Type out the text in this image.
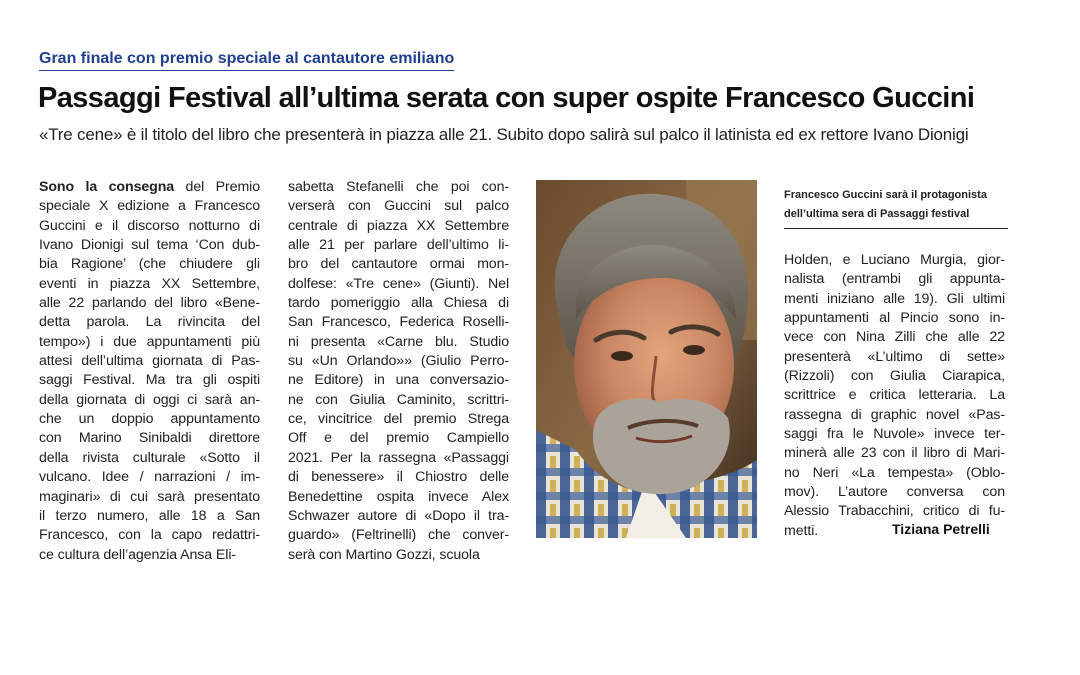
Gran finale con premio speciale al cantautore emiliano
Passaggi Festival all’ultima serata con super ospite Francesco Guccini
«Tre cene» è il titolo del libro che presenterà in piazza alle 21. Subito dopo salirà sul palco il latinista ed ex rettore Ivano Dionigi
Sono la consegna del Premio
speciale X edizione a Francesco
Guccini e il discorso notturno di
Ivano Dionigi sul tema ‘Con dub-
bia Ragione’ (che chiudere gli
eventi in piazza XX Settembre,
alle 22 parlando del libro «Bene-
detta parola. La rivincita del
tempo») i due appuntamenti più
attesi dell’ultima giornata di Pas-
saggi Festival. Ma tra gli ospiti
della giornata di oggi ci sarà an-
che un doppio appuntamento
con Marino Sinibaldi direttore
della rivista culturale «Sotto il
vulcano. Idee / narrazioni / im-
maginari» di cui sarà presentato
il terzo numero, alle 18 a San
Francesco, con la capo redattri-
ce cultura dell’agenzia Ansa Eli-
sabetta Stefanelli che poi con-
verserà con Guccini sul palco
centrale di piazza XX Settembre
alle 21 per parlare dell’ultimo li-
bro del cantautore ormai mon-
dolfese: «Tre cene» (Giunti). Nel
tardo pomeriggio alla Chiesa di
San Francesco, Federica Roselli-
ni presenta «Carne blu. Studio
su «Un Orlando»» (Giulio Perro-
ne Editore) in una conversazio-
ne con Giulia Caminito, scrittri-
ce, vincitrice del premio Strega
Off e del premio Campiello
2021. Per la rassegna «Passaggi
di benessere» il Chiostro delle
Benedettine ospita invece Alex
Schwazer autore di «Dopo il tra-
guardo» (Feltrinelli) che conver-
serà con Martino Gozzi, scuola
Francesco Guccini sarà il protagonista
dell’ultima sera di Passaggi festival
Holden, e Luciano Murgia, gior-
nalista (entrambi gli appunta-
menti iniziano alle 19). Gli ultimi
appuntamenti al Pincio sono in-
vece con Nina Zilli che alle 22
presenterà «L’ultimo di sette»
(Rizzoli) con Giulia Ciarapica,
scrittrice e critica letteraria. La
rassegna di graphic novel «Pas-
saggi fra le Nuvole» invece ter-
minerà alle 23 con il libro di Mari-
no Neri «La tempesta» (Oblo-
mov). L’autore conversa con
Alessio Trabacchini, critico di fu-
metti.	Tiziana Petrelli
